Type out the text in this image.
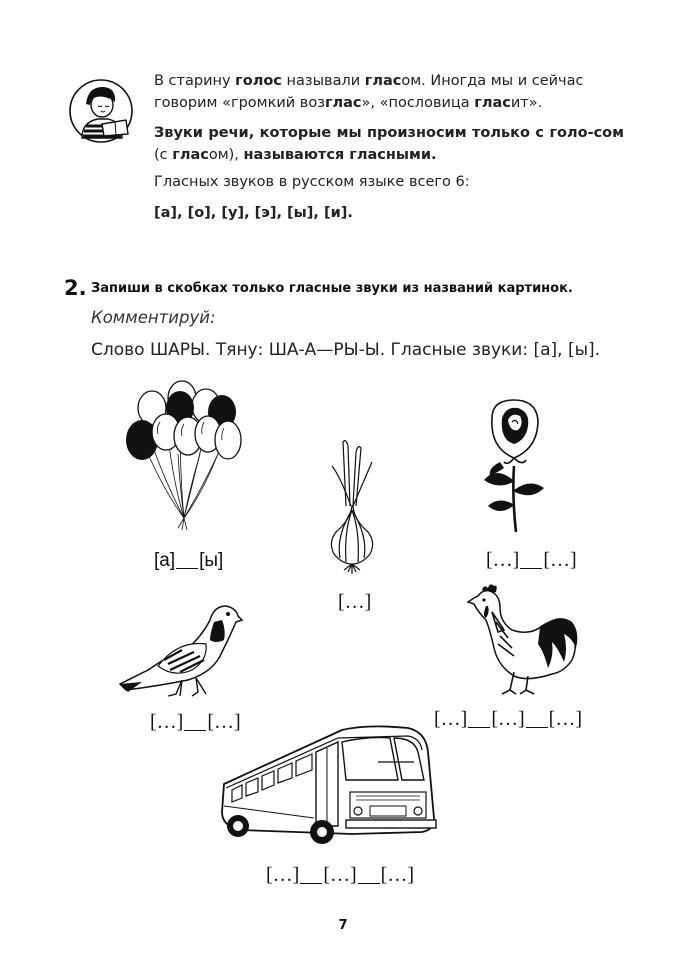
В старину голос называли гласом. Иногда мы и сейчас говорим «громкий возглас», «пословица гласит».

Звуки речи, которые мы произносим только с голо-сом (с гласом), называются гласными.

Гласных звуков в русском языке всего 6:

[а], [о], [у], [э], [ы], [и].

2. Запиши в скобках только гласные звуки из названий картинок.
Комментируй:
Слово ШАРЫ. Тяну: ША-А—РЫ-Ы. Гласные звуки: [а], [ы].
[а] [ы]
[…]
[…] […]
[…] […]	[…] […] […]
[…] […] […]
7
